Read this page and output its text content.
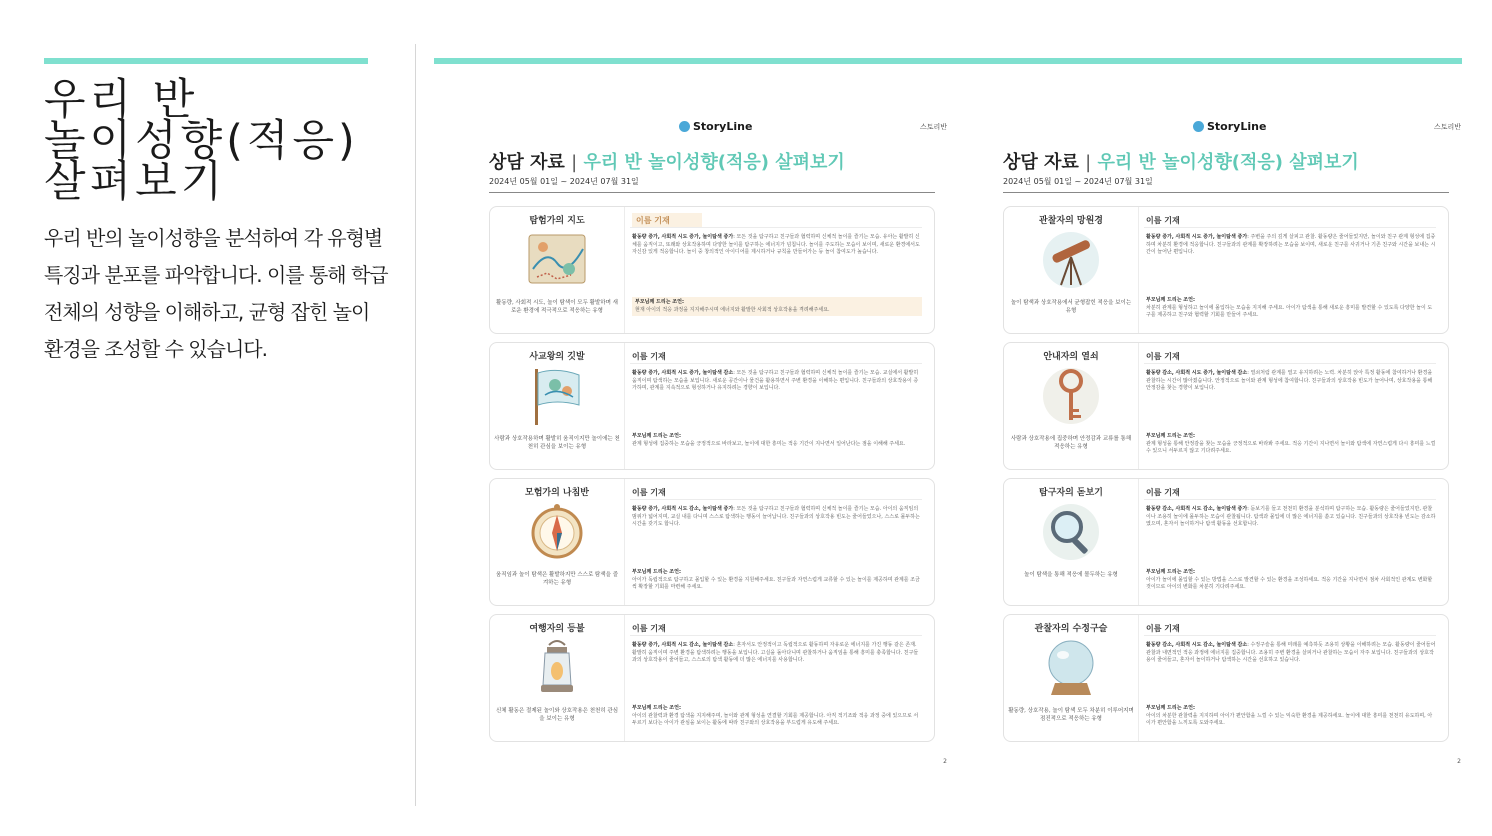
우리 반
놀이성향(적응)
살펴보기
우리 반의 놀이성향을 분석하여 각 유형별
특징과 분포를 파악합니다. 이를 통해 학급
전체의 성향을 이해하고, 균형 잡힌 놀이
환경을 조성할 수 있습니다.
StoryLine	스토리반
상담 자료 | 우리 반 놀이성향(적응) 살펴보기
2024년 05월 01일 ~ 2024년 07월 31일
탐험가의 지도
활동량, 사회적 시도, 놀이 탐색이 모두 활발하며 새로운 환경에 적극적으로 적응하는 유형
이름 기재
활동량 증가, 사회적 시도 증가, 놀이탐색 증가: 모든 것을 탐구하고 친구들과 협력하며 신체적 놀이를 즐기는 모습. 유아는 활발히 신체를 움직이고, 또래와 상호작용하며 다양한 놀이를 탐구하는 에너지가 넘칩니다. 놀이를 주도하는 모습이 보이며, 새로운 환경에서도 자신감 있게 적응합니다. 놀이 중 창의적인 아이디어를 제시하거나 규칙을 만들어가는 등 놀이 참여도가 높습니다.
부모님께 드리는 조언:
현재 아이의 적응 과정을 지지해주시며 에너지와 활발한 사회적 상호작용을 격려해주세요.
사교왕의 깃발
사람과 상호작용하며 활발히 움직이지만 놀이에는 천천히 관심을 보이는 유형
이름 기재
활동량 증가, 사회적 시도 증가, 놀이탐색 감소: 모든 것을 탐구하고 친구들과 협력하며 신체적 놀이를 즐기는 모습. 교실에서 활발히 움직이며 탐색하는 모습을 보입니다. 새로운 공간이나 물건을 활용하면서 주변 환경을 이해하는 편입니다. 친구들과의 상호작용이 증가하며, 관계를 지속적으로 형성하거나 유지하려는 경향이 보입니다.
부모님께 드리는 조언:
관계 형성에 집중하는 모습을 긍정적으로 바라보고, 놀이에 대한 흥미는 적응 기간이 지나면서 일어난다는 점을 이해해 주세요.
모험가의 나침반
움직임과 놀이 탐색은 활발하지만 스스로 탐색을 즐겨하는 유형
이름 기재
활동량 증가, 사회적 시도 감소, 놀이탐색 증가: 모든 것을 탐구하고 친구들과 협력하며 신체적 놀이를 즐기는 모습. 아이의 움직임의 범위가 넓어지며, 교실 내를 다니며 스스로 탐색하는 행동이 늘어납니다. 친구들과의 상호작용 빈도는 줄어들었으나, 스스로 몰두하는 시간을 갖기도 합니다.
부모님께 드리는 조언:
아이가 독립적으로 탐구하고 몰입할 수 있는 환경을 지원해주세요. 친구들과 자연스럽게 교류할 수 있는 놀이를 제공하며 관계를 조금씩 확장할 기회를 마련해 주세요.
여행자의 등불
신체 활동은 절제된 놀이와 상호작용은 천천히 관심을 보이는 유형
이름 기재
활동량 증가, 사회적 시도 감소, 놀이탐색 감소: 혼자서도 안정적이고 독립적으로 활동하며 자유로운 에너지를 가진 행동 같은 존재. 활발히 움직이며 주변 환경을 탐색하려는 행동을 보입니다. 고실을 돌아다니며 관찰하거나 움직임을 통해 흥미를 충족합니다. 친구들과의 상호작용이 줄어들고, 스스로의 탐색 활동에 더 많은 에너지를 사용합니다.
부모님께 드리는 조언:
아이의 관찰력과 환경 탐색을 지지해주며, 놀이와 관계 형성을 연결할 기회를 제공합니다. 아직 적기조와 적응 과정 중에 있으므로 서두르기 보다는 아이가 관심을 보이는 활동에 따라 친구와의 상호작용을 부드럽게 유도해 주세요.
2
StoryLine	스토리반
상담 자료 | 우리 반 놀이성향(적응) 살펴보기
2024년 05월 01일 ~ 2024년 07월 31일
관찰자의 망원경
놀이 탐색과 상호작용에서 균형잡힌 적응을 보이는 유형
이름 기재
활동량 증가, 사회적 시도 증가, 놀이탐색 증가: 주변을 주의 깊게 살피고 관찰. 활동량은 줄어들었지만, 놀이와 친구 관계 형성에 집중하며 차분히 환경에 적응합니다. 친구들과의 관계를 확장하려는 모습을 보이며, 새로운 친구를 사귀거나 기존 친구와 시간을 보내는 시간이 늘어난 편입니다.
부모님께 드리는 조언:
차분히 관계를 형성하고 놀이에 몰입하는 모습을 지지해 주세요. 아이가 탐색을 통해 새로운 흥미를 발견할 수 있도록 다양한 놀이 도구를 제공하고 친구와 협력할 기회를 만들어 주세요.
안내자의 열쇠
사람과 상호작용에 집중하며 안정감과 교류를 통해 적응하는 유형
이름 기재
활동량 감소, 사회적 시도 증가, 놀이탐색 감소: 열쇠처럼 관계를 열고 유지하려는 노력. 차분히 앉아 특정 활동에 참여하거나 환경을 관찰하는 시간이 많아졌습니다. 안정적으로 놀이와 관계 형성에 참여합니다. 친구들과의 상호작용 빈도가 늘어나며, 상호작용을 통해 안정감을 찾는 경향이 보입니다.
부모님께 드리는 조언:
관계 형성을 통해 안정감을 찾는 모습을 긍정적으로 바라봐 주세요. 적응 기간이 지나면서 놀이와 탐색에 자연스럽게 다시 흥미를 느낄 수 있으니 서두르지 않고 기다려주세요.
탐구자의 돋보기
놀이 탐색을 통해 적응에 몰두하는 유형
이름 기재
활동량 감소, 사회적 시도 감소, 놀이탐색 증가: 돋보기를 들고 천천히 환경을 분석하며 탐구하는 모습. 활동량은 줄어들었지만, 관찰이나 조용히 놀이에 몰두하는 모습이 관찰됩니다. 탐색과 몰입에 더 많은 에너지를 쏟고 있습니다. 친구들과의 상호작용 빈도는 감소하였으며, 혼자서 놀이하거나 탐색 활동을 선호합니다.
부모님께 드리는 조언:
아이가 놀이에 몰입할 수 있는 방법을 스스로 발견할 수 있는 환경을 조성하세요. 적응 기간을 지나면서 점차 사회적인 관계도 변화할 것이므로 아이의 변화를 차분히 기다려주세요.
관찰자의 수정구슬
활동량, 상호작용, 놀이 탐색 모두 차분히 이루어지며 점진적으로 적응하는 유형
이름 기재
활동량 감소, 사회적 시도 감소, 놀이탐색 감소: 수정구슬을 통해 미래를 예측하듯 조용히 상황을 이해하려는 모습. 활동량이 줄어들어 관찰과 내면적인 적응 과정에 에너지를 집중합니다. 조용히 주변 환경을 살피거나 관찰하는 모습이 자주 보입니다. 친구들과의 상호작용이 줄어들고, 혼자서 놀이하거나 탐색하는 시간을 선호하고 있습니다.
부모님께 드리는 조언:
아이의 차분한 관찰력을 지지하며 아이가 편안함을 느낄 수 있는 익숙한 환경을 제공하세요. 놀이에 대한 흥미를 천천히 유도하며, 아이가 편안함을 느끼도록 도와주세요.
2
